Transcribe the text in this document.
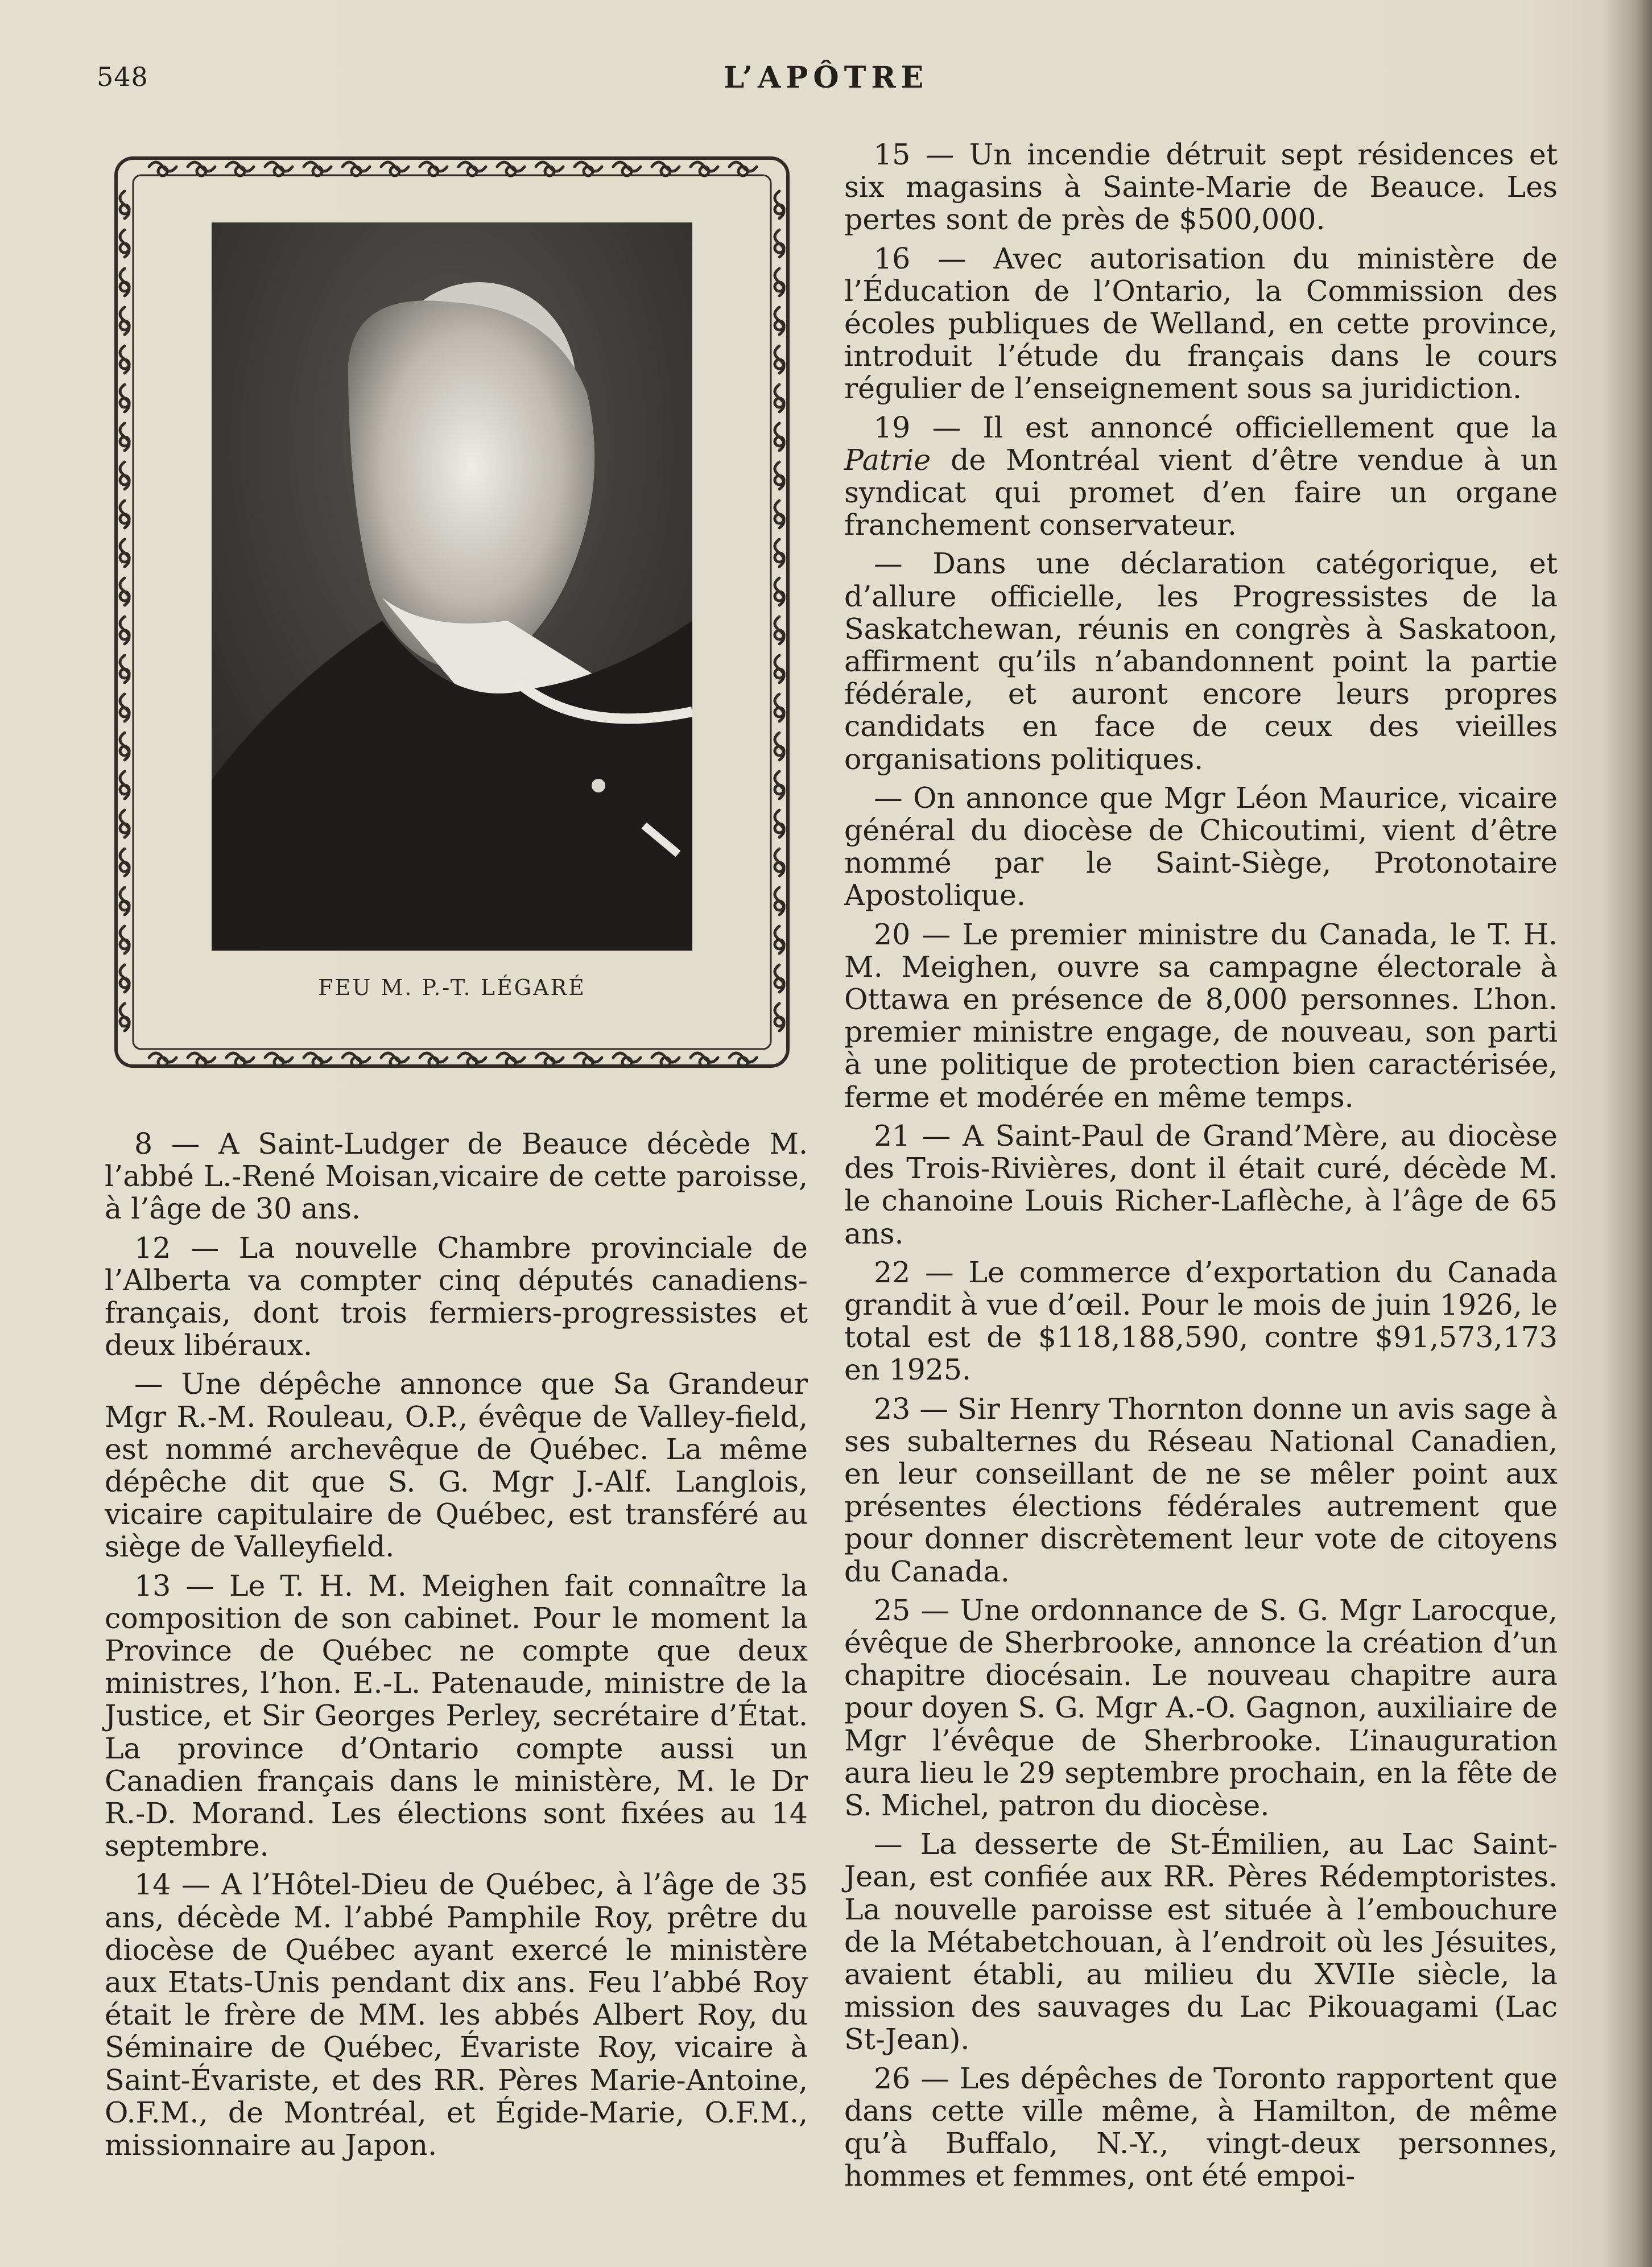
548	L’APÔTRE
FEU M. P.-T. LÉGARÉ

8 — A Saint-Ludger de Beauce décède M. l’abbé L.-René Moisan,vicaire de cette paroisse, à l’âge de 30 ans.

12 — La nouvelle Chambre provinciale de l’Alberta va compter cinq députés canadiens-français, dont trois fermiers-progressistes et deux libéraux.

— Une dépêche annonce que Sa Grandeur Mgr R.-M. Rouleau, O.P., évêque de Valley-field, est nommé archevêque de Québec. La même dépêche dit que S. G. Mgr J.-Alf. Langlois, vicaire capitulaire de Québec, est transféré au siège de Valleyfield.

13 — Le T. H. M. Meighen fait connaître la composition de son cabinet. Pour le moment la Province de Québec ne compte que deux ministres, l’hon. E.-L. Patenaude, ministre de la Justice, et Sir Georges Perley, secrétaire d’État. La province d’Ontario compte aussi un Canadien français dans le ministère, M. le Dr R.-D. Morand. Les élections sont fixées au 14 septembre.

14 — A l’Hôtel-Dieu de Québec, à l’âge de 35 ans, décède M. l’abbé Pamphile Roy, prêtre du diocèse de Québec ayant exercé le ministère aux Etats-Unis pendant dix ans. Feu l’abbé Roy était le frère de MM. les abbés Albert Roy, du Séminaire de Québec, Évariste Roy, vicaire à Saint-Évariste, et des RR. Pères Marie-Antoine, O.F.M., de Montréal, et Égide-Marie, O.F.M., missionnaire au Japon.

15 — Un incendie détruit sept résidences et six magasins à Sainte-Marie de Beauce. Les pertes sont de près de $500,000.

16 — Avec autorisation du ministère de l’Éducation de l’Ontario, la Commission des écoles publiques de Welland, en cette province, introduit l’étude du français dans le cours régulier de l’enseignement sous sa juridiction.

19 — Il est annoncé officiellement que la Patrie de Montréal vient d’être vendue à un syndicat qui promet d’en faire un organe franchement conservateur.

— Dans une déclaration catégorique, et d’allure officielle, les Progressistes de la Saskatchewan, réunis en congrès à Saskatoon, affirment qu’ils n’abandonnent point la partie fédérale, et auront encore leurs propres candidats en face de ceux des vieilles organisations politiques.

— On annonce que Mgr Léon Maurice, vicaire général du diocèse de Chicoutimi, vient d’être nommé par le Saint-Siège, Protonotaire Apostolique.

20 — Le premier ministre du Canada, le T. H. M. Meighen, ouvre sa campagne électorale à Ottawa en présence de 8,000 personnes. L’hon. premier ministre engage, de nouveau, son parti à une politique de protection bien caractérisée, ferme et modérée en même temps.

21 — A Saint-Paul de Grand’Mère, au diocèse des Trois-Rivières, dont il était curé, décède M. le chanoine Louis Richer-Laflèche, à l’âge de 65 ans.

22 — Le commerce d’exportation du Canada grandit à vue d’œil. Pour le mois de juin 1926, le total est de $118,188,590, contre $91,573,173 en 1925.

23 — Sir Henry Thornton donne un avis sage à ses subalternes du Réseau National Canadien, en leur conseillant de ne se mêler point aux présentes élections fédérales autrement que pour donner discrètement leur vote de citoyens du Canada.

25 — Une ordonnance de S. G. Mgr Larocque, évêque de Sherbrooke, annonce la création d’un chapitre diocésain. Le nouveau chapitre aura pour doyen S. G. Mgr A.-O. Gagnon, auxiliaire de Mgr l’évêque de Sherbrooke. L’inauguration aura lieu le 29 septembre prochain, en la fête de S. Michel, patron du diocèse.

— La desserte de St-Émilien, au Lac Saint-Jean, est confiée aux RR. Pères Rédemptoristes. La nouvelle paroisse est située à l’embouchure de la Métabetchouan, à l’endroit où les Jésuites, avaient établi, au milieu du XVIIe siècle, la mission des sauvages du Lac Pikouagami (Lac St-Jean).

26 — Les dépêches de Toronto rapportent que dans cette ville même, à Hamilton, de même qu’à Buffalo, N.-Y., vingt-deux personnes, hommes et femmes, ont été empoi-
